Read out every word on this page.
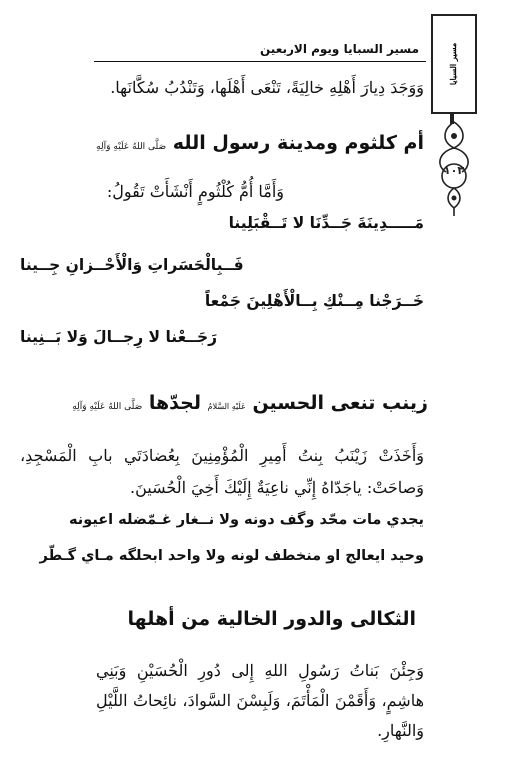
مسير السبايا
١٠٣
مسير السبايا ويوم الاربعين
وَوَجَدَ دِيارَ أَهْلِهِ خالِيَةً، تَنْعَى أَهْلَها، وَتَنْدُبُ سُكَّانَها.
أم كلثوم ومدينة رسول الله صَلَّى اللهُ عَلَيْهِ وَآلِهِ
وَأَمَّا أُمُّ كُلْثُومٍ أَنْشَأَتْ تَقُولُ:
مَـــــدِينَةَ جَــدِّنَا لا تَــقْبَلِينا
فَــبِالْحَسَراتِ وَالْأَحْــزانِ جِــينا
خَــرَجْنا مِــنْكِ بِــالْأَهْلِينَ جَمْعاً
رَجَــعْنا لا رِجــالَ وَلا بَــنِينا
زينب تنعى الحسين عَلَيْهِ السَّلامُ لجدّها صَلَّى اللهُ عَلَيْهِ وَآلِهِ
وَأَخَذَتْ زَيْنَبُ بِنتُ أَمِيرِ الْمُؤْمِنِينَ بِعُضادَتَي بابِ الْمَسْجِدِ، وَصاحَتْ: ياجَدّاهُ إِنِّي ناعِيَةٌ إِلَيْكَ أَخِيَ الْحُسَينَ.
يجدي مات محّد وگف دونه ولا نــغار غـمّضله اعيونه
وحيد ايعالج او منخطف لونه ولا واحد ابحلگه مـاي گـطّر
الثكالى والدور الخالية من أهلها
وَجِئْنَ بَناتُ رَسُولِ اللهِ إِلى دُورِ الْحُسَيْنِ وَبَنِي هاشِمٍ، وَأَقَمْنَ الْمَأْتَمَ، وَلَبِسْنَ السَّوادَ، نائِحاتُ اللَّيْلِ وَالنَّهارِ.
